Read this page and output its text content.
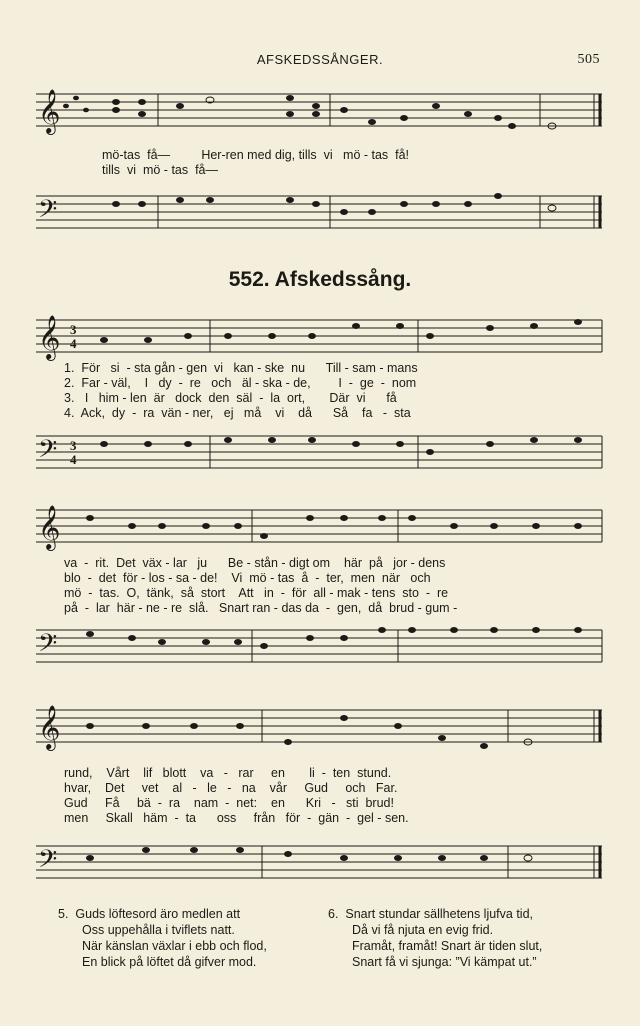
AFSKEDSSÅNGER.	505
𝄞
mö-tas  få—         Her-ren med dig, tills  vi   mö - tas  få!
tills  vi  mö - tas  få—
𝄢
552. Afskedssång.
𝄞 3
4
1.  För   si  - sta gån - gen  vi   kan - ske  nu      Till - sam - mans
2.  Far - väl,    I   dy  -  re   och   äl - ska - de,        I  -  ge  -  nom
3.   I   him - len  är   dock  den  säl  -  la  ort,       Där  vi      få
4.  Ack,  dy  -  ra  vän - ner,   ej   må    vi    då      Så    fa   -  sta
𝄢 3
4
𝄞
va  -  rit.  Det  väx - lar   ju      Be - stån - digt om    här  på   jor - dens
blo  -  det  för - los - sa - de!    Vi  mö - tas  å  -  ter,  men  när   och
mö  -  tas.  O,  tänk,  så  stort    Att   in  -  för  all - mak - tens  sto  -  re
på  -  lar  här - ne - re  slå.   Snart ran - das da  -  gen,  då  brud - gum -
𝄢
𝄞
rund,    Vårt    lif   blott    va   -   rar     en       li  -  ten  stund.
hvar,    Det     vet    al   -   le   -   na    vår     Gud     och   Far.
Gud     Få     bä  -  ra    nam  -  net:    en      Kri   -   sti  brud!
men     Skall   häm  -  ta      oss     från   för  -  gän  -  gel - sen.
𝄢
5. Guds löftesord äro medlen att
Oss uppehålla i tviflets natt.
När känslan växlar i ebb och flod,
En blick på löftet då gifver mod.
6. Snart stundar sällhetens ljufva tid,
Då vi få njuta en evig frid.
Framåt, framåt! Snart är tiden slut,
Snart få vi sjunga: ”Vi kämpat ut.”
